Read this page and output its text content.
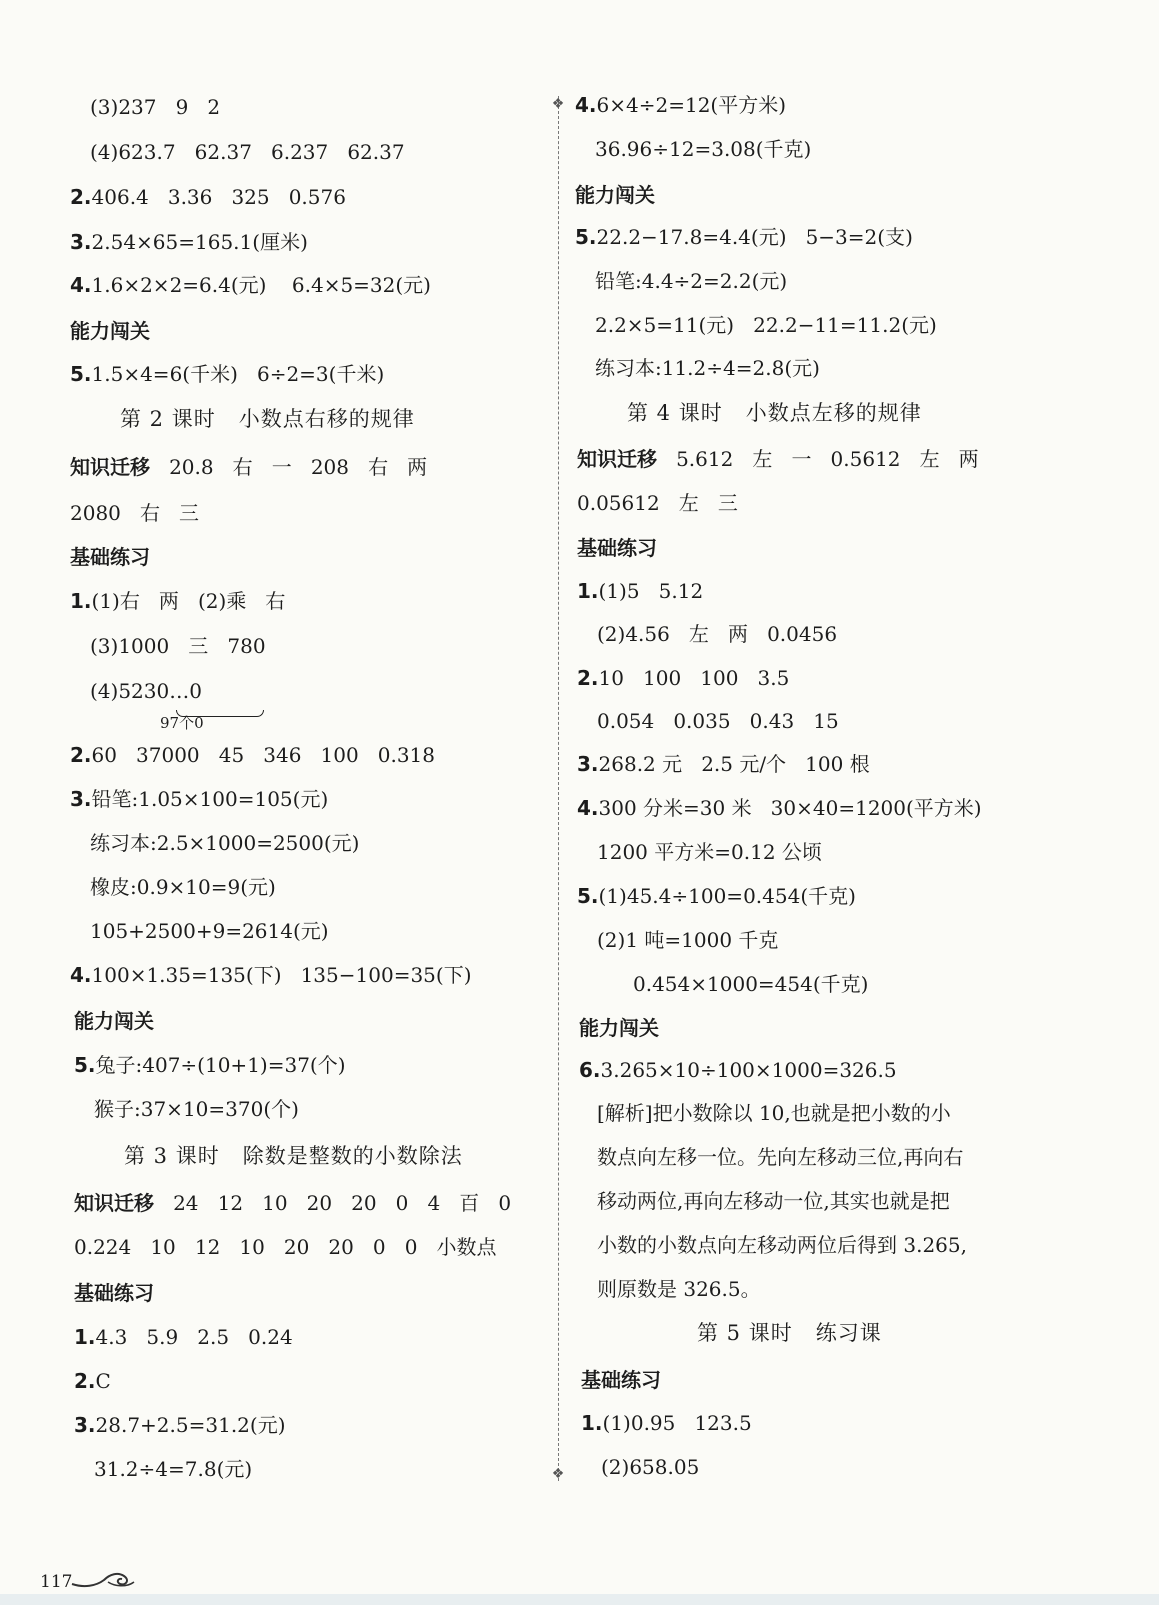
(3)237   9   2
(4)623.7   62.37   6.237   62.37
2.406.4   3.36   325   0.576
3.2.54×65=165.1(厘米)
4.1.6×2×2=6.4(元)    6.4×5=32(元)
能力闯关
5.1.5×4=6(千米)   6÷2=3(千米)
第 2 课时   小数点右移的规律
知识迁移 20.8   右   一   208   右   两
2080   右   三
基础练习
1.(1)右   两   (2)乘   右
(3)1000   三   780
(4)5230…0
97个0
2.60   37000   45   346   100   0.318
3.铅笔:1.05×100=105(元)
练习本:2.5×1000=2500(元)
橡皮:0.9×10=9(元)
105+2500+9=2614(元)
4.100×1.35=135(下)   135−100=35(下)
能力闯关
5.兔子:407÷(10+1)=37(个)
猴子:37×10=370(个)
第 3 课时   除数是整数的小数除法
知识迁移 24   12   10   20   20   0   4   百   0
0.224   10   12   10   20   20   0   0   小数点
基础练习
1.4.3   5.9   2.5   0.24
2.C
3.28.7+2.5=31.2(元)
31.2÷4=7.8(元)
❖
❖
4.6×4÷2=12(平方米)
36.96÷12=3.08(千克)
能力闯关
5.22.2−17.8=4.4(元)   5−3=2(支)
铅笔:4.4÷2=2.2(元)
2.2×5=11(元)   22.2−11=11.2(元)
练习本:11.2÷4=2.8(元)
第 4 课时   小数点左移的规律
知识迁移 5.612   左   一   0.5612   左   两
0.05612   左   三
基础练习
1.(1)5   5.12
(2)4.56   左   两   0.0456
2.10   100   100   3.5
0.054   0.035   0.43   15
3.268.2 元   2.5 元/个   100 根
4.300 分米=30 米   30×40=1200(平方米)
1200 平方米=0.12 公顷
5.(1)45.4÷100=0.454(千克)
(2)1 吨=1000 千克
0.454×1000=454(千克)
能力闯关
6.3.265×10÷100×1000=326.5
[解析]把小数除以 10,也就是把小数的小
数点向左移一位。先向左移动三位,再向右
移动两位,再向左移动一位,其实也就是把
小数的小数点向左移动两位后得到 3.265,
则原数是 326.5。
第 5 课时   练习课
基础练习
1.(1)0.95   123.5
(2)658.05
117
